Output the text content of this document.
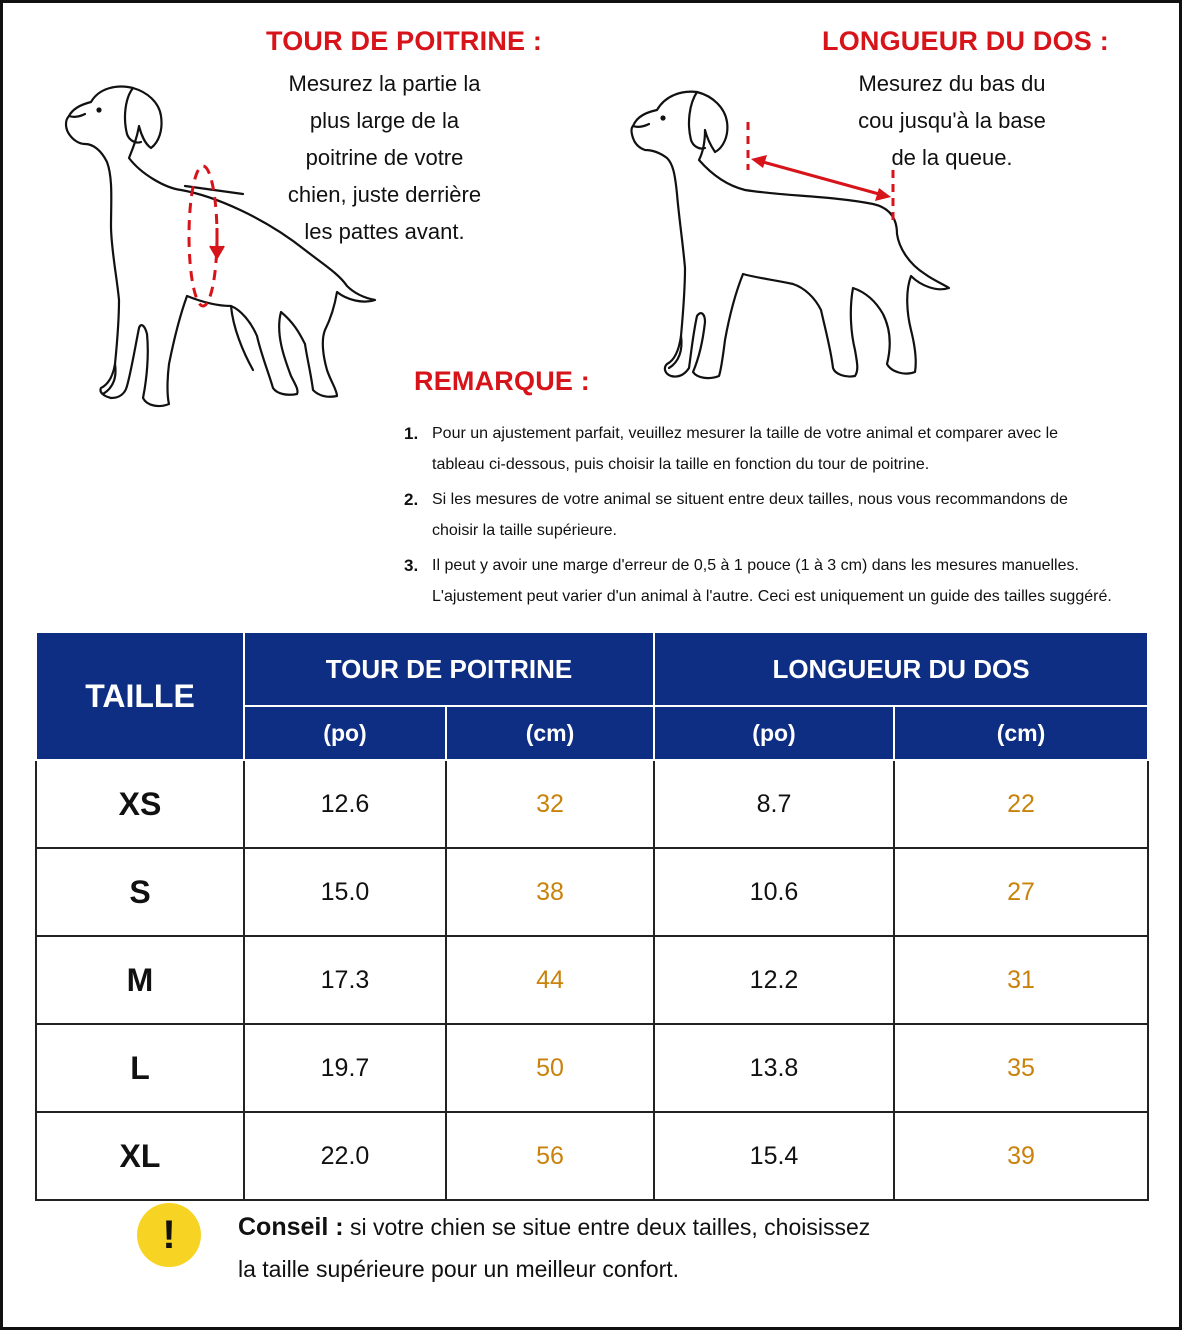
TOUR DE POITRINE :
Mesurez la partie la
plus large de la
poitrine de votre
chien, juste derrière
les pattes avant.
LONGUEUR DU DOS :
Mesurez du bas du
cou jusqu'à la base
de la queue.
REMARQUE :
1. Pour un ajustement parfait, veuillez mesurer la taille de votre animal et comparer avec le
tableau ci-dessous, puis choisir la taille en fonction du tour de poitrine.
2. Si les mesures de votre animal se situent entre deux tailles, nous vous recommandons de
choisir la taille supérieure.
3. Il peut y avoir une marge d'erreur de 0,5 à 1 pouce (1 à 3 cm) dans les mesures manuelles.
L'ajustement peut varier d'un animal à l'autre. Ceci est uniquement un guide des tailles suggéré.
TAILLE	TOUR DE POITRINE		LONGUEUR DU DOS	
	(po)	(cm)	(po)	(cm)
XS	12.6	32	8.7	22
S	15.0	38	10.6	27
M	17.3	44	12.2	31
L	19.7	50	13.8	35
XL	22.0	56	15.4	39
!	Conseil : si votre chien se situe entre deux tailles, choisissez
la taille supérieure pour un meilleur confort.
